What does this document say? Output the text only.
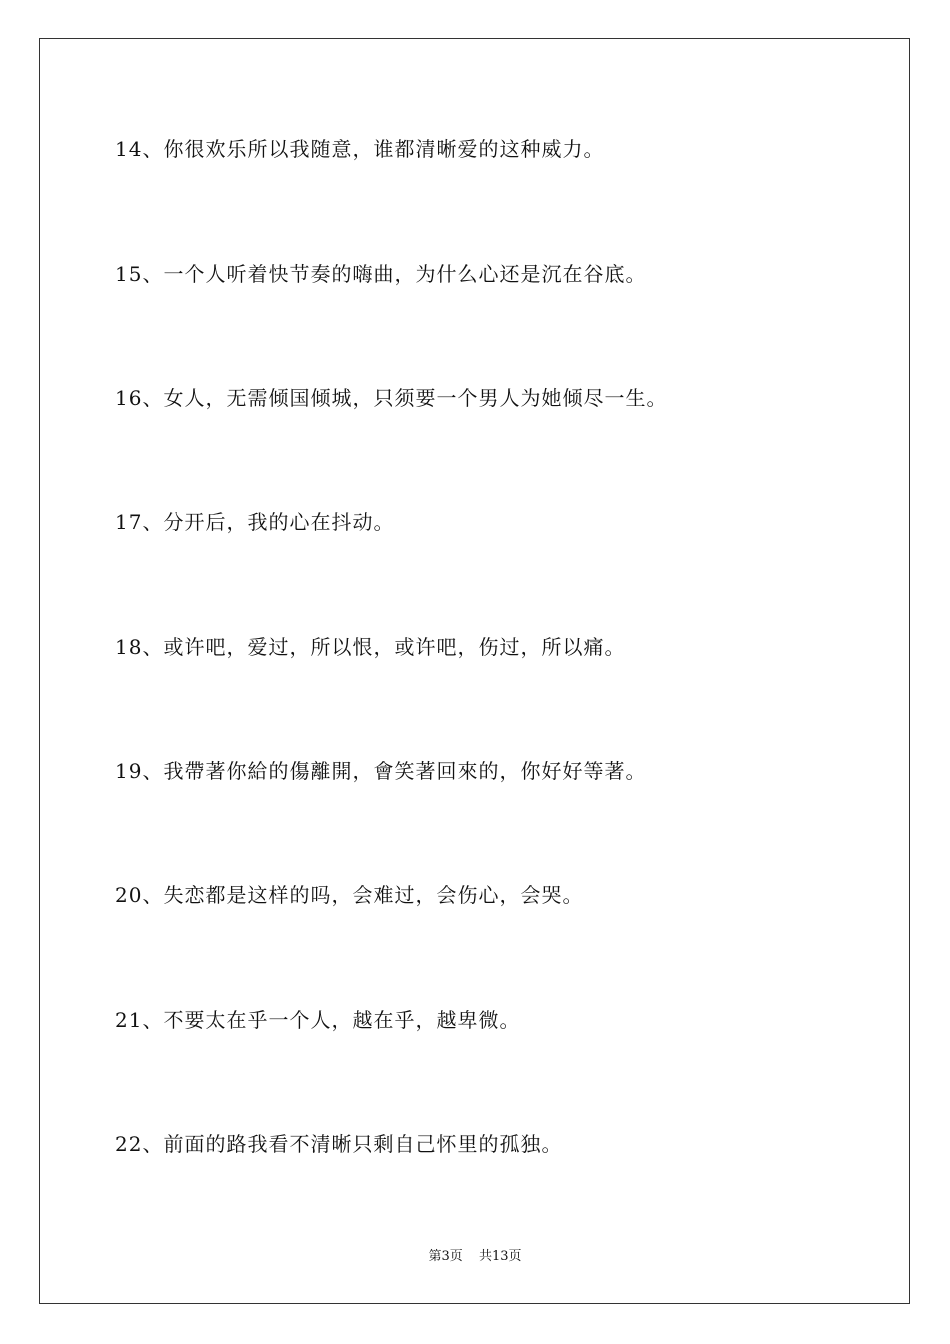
14、你很欢乐所以我随意，谁都清晰爱的这种威力。

15、一个人听着快节奏的嗨曲，为什么心还是沉在谷底。

16、女人，无需倾国倾城，只须要一个男人为她倾尽一生。

17、分开后，我的心在抖动。

18、或许吧，爱过，所以恨，或许吧，伤过，所以痛。

19、我帶著你給的傷離開，會笑著回來的，你好好等著。

20、失恋都是这样的吗，会难过，会伤心，会哭。

21、不要太在乎一个人，越在乎，越卑微。

22、前面的路我看不清晰只剩自己怀里的孤独。

第3页 共13页
